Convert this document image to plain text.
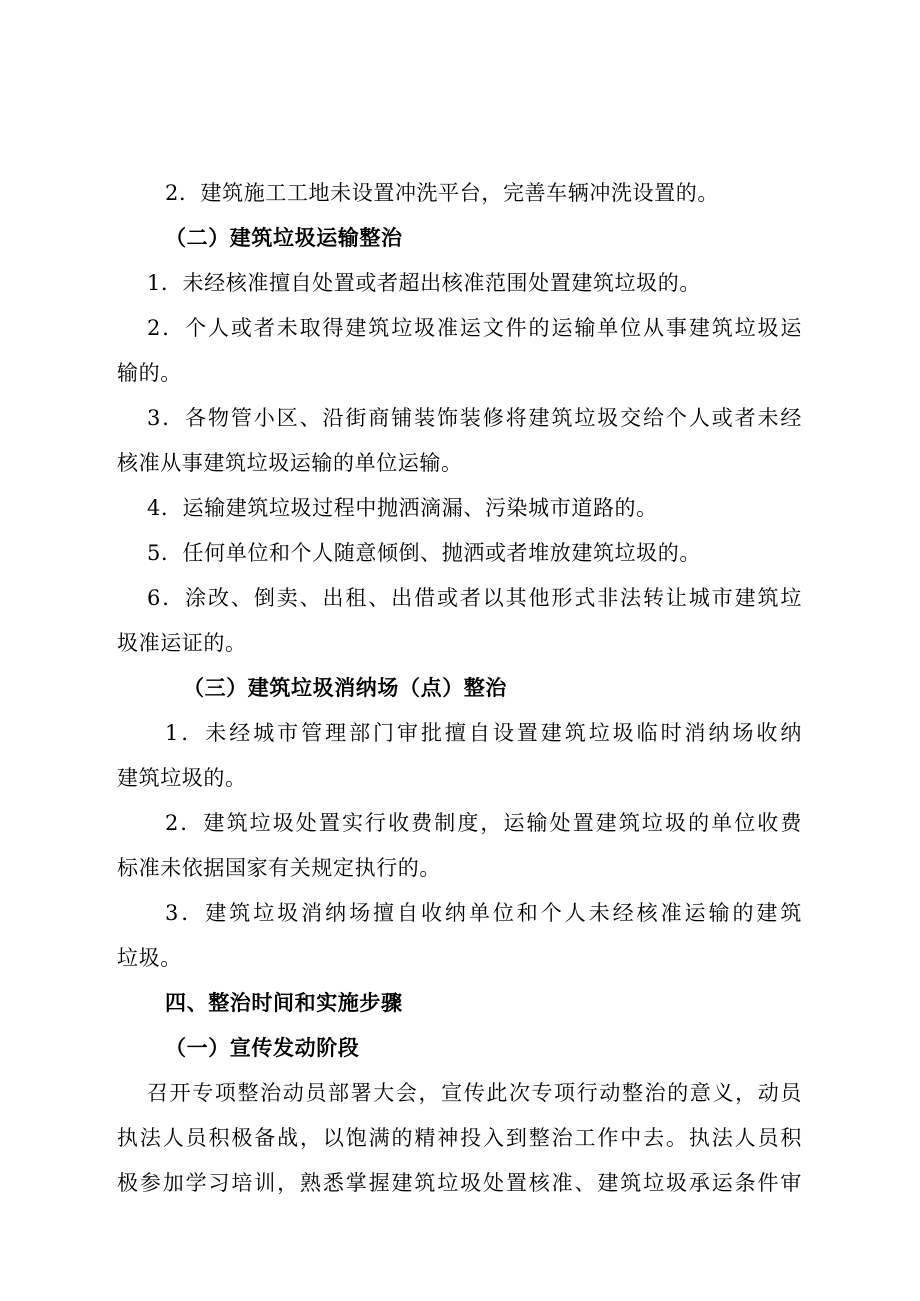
2．建筑施工工地未设置冲洗平台，完善车辆冲洗设置的。
（二）建筑垃圾运输整治
1．未经核准擅自处置或者超出核准范围处置建筑垃圾的。
2．个人或者未取得建筑垃圾准运文件的运输单位从事建筑垃圾运
输的。
3．各物管小区、沿街商铺装饰装修将建筑垃圾交给个人或者未经
核准从事建筑垃圾运输的单位运输。
4．运输建筑垃圾过程中抛洒滴漏、污染城市道路的。
5．任何单位和个人随意倾倒、抛洒或者堆放建筑垃圾的。
6．涂改、倒卖、出租、出借或者以其他形式非法转让城市建筑垃
圾准运证的。
（三）建筑垃圾消纳场（点）整治
1．未经城市管理部门审批擅自设置建筑垃圾临时消纳场收纳
建筑垃圾的。
2．建筑垃圾处置实行收费制度，运输处置建筑垃圾的单位收费
标准未依据国家有关规定执行的。
3．建筑垃圾消纳场擅自收纳单位和个人未经核准运输的建筑
垃圾。
四、整治时间和实施步骤
（一）宣传发动阶段
召开专项整治动员部署大会，宣传此次专项行动整治的意义，动员
执法人员积极备战，以饱满的精神投入到整治工作中去。执法人员积
极参加学习培训，熟悉掌握建筑垃圾处置核准、建筑垃圾承运条件审
